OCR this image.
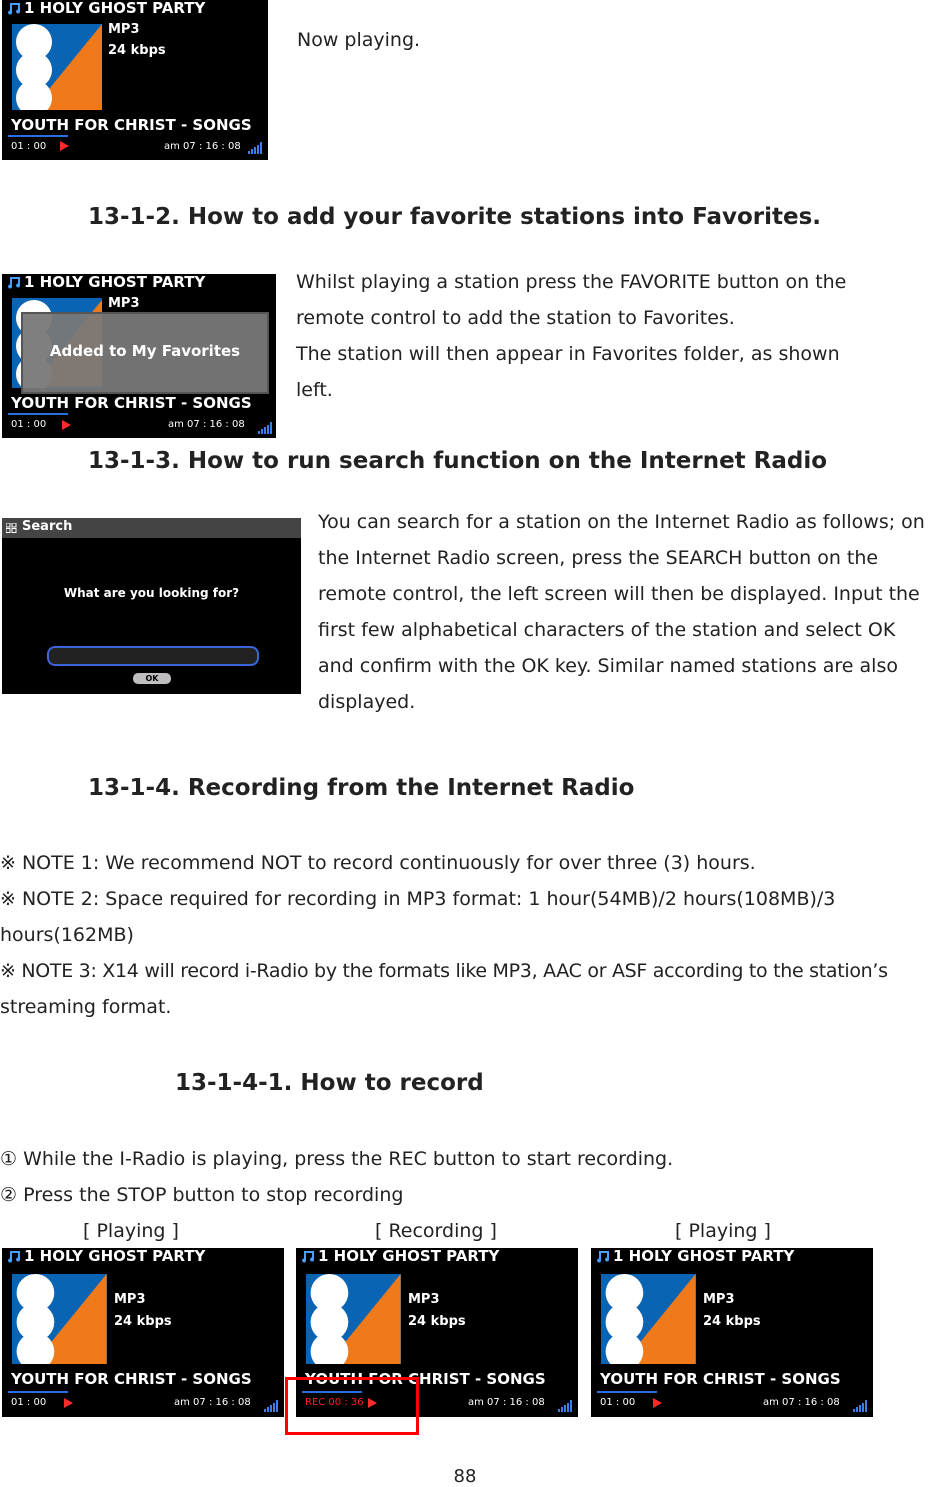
1 HOLY GHOST PARTY
MP3
24 kbps
YOUTH FOR CHRIST - SONGS
01 : 00	am 07 : 16 : 08
Now playing.
13-1-2. How to add your favorite stations into Favorites.
1 HOLY GHOST PARTY
MP3
Added to My Favorites
YOUTH FOR CHRIST - SONGS
01 : 00	am 07 : 16 : 08
Whilst playing a station press the FAVORITE button on the
remote control to add the station to Favorites.
The station will then appear in Favorites folder, as shown
left.
13-1-3. How to run search function on the Internet Radio
Search
What are you looking for?
OK
You can search for a station on the Internet Radio as follows; on
the Internet Radio screen, press the SEARCH button on the
remote control, the left screen will then be displayed. Input the
first few alphabetical characters of the station and select OK
and confirm with the OK key. Similar named stations are also
displayed.
13-1-4. Recording from the Internet Radio
※ NOTE 1: We recommend NOT to record continuously for over three (3) hours.
※ NOTE 2: Space required for recording in MP3 format: 1 hour(54MB)/2 hours(108MB)/3
hours(162MB)
※ NOTE 3: X14 will record i-Radio by the formats like MP3, AAC or ASF according to the station’s
streaming format.
13-1-4-1. How to record
① While the I-Radio is playing, press the REC button to start recording.
② Press the STOP button to stop recording
[ Playing ]	[ Recording ]	[ Playing ]
1 HOLY GHOST PARTY
MP3
24 kbps
YOUTH FOR CHRIST - SONGS
01 : 00	am 07 : 16 : 08
1 HOLY GHOST PARTY
MP3
24 kbps
YOUTH FOR CHRIST - SONGS
REC 00 : 36	am 07 : 16 : 08
1 HOLY GHOST PARTY
MP3
24 kbps
YOUTH FOR CHRIST - SONGS
01 : 00	am 07 : 16 : 08
88
